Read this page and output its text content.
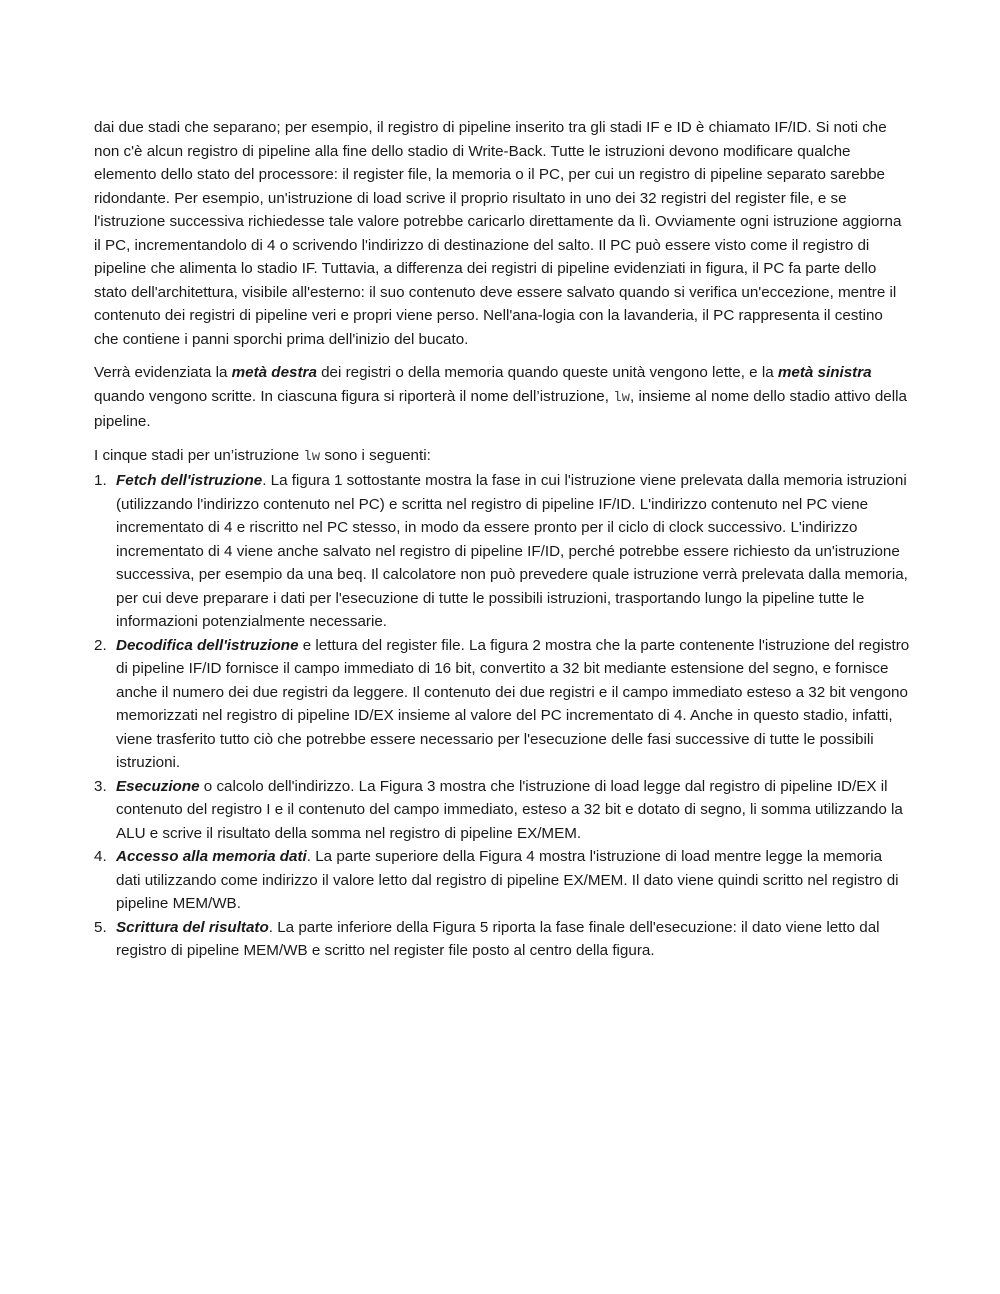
dai due stadi che separano; per esempio, il registro di pipeline inserito tra gli stadi IF e ID è chiamato IF/ID. Si noti che non c'è alcun registro di pipeline alla fine dello stadio di Write-Back. Tutte le istruzioni devono modificare qualche elemento dello stato del processore: il register file, la memoria o il PC, per cui un registro di pipeline separato sarebbe ridondante. Per esempio, un'istruzione di load scrive il proprio risultato in uno dei 32 registri del register file, e se l'istruzione successiva richiedesse tale valore potrebbe caricarlo direttamente da lì. Ovviamente ogni istruzione aggiorna il PC, incrementandolo di 4 o scrivendo l'indirizzo di destinazione del salto. Il PC può essere visto come il registro di pipeline che alimenta lo stadio IF. Tuttavia, a differenza dei registri di pipeline evidenziati in figura, il PC fa parte dello stato dell'architettura, visibile all'esterno: il suo contenuto deve essere salvato quando si verifica un'eccezione, mentre il contenuto dei registri di pipeline veri e propri viene perso. Nell'ana-logia con la lavanderia, il PC rappresenta il cestino che contiene i panni sporchi prima dell'inizio del bucato.

Verrà evidenziata la metà destra dei registri o della memoria quando queste unità vengono lette, e la metà sinistra quando vengono scritte. In ciascuna figura si riporterà il nome dell’istruzione, lw, insieme al nome dello stadio attivo della pipeline.

I cinque stadi per un’istruzione lw sono i seguenti:

1. Fetch dell'istruzione. La figura 1 sottostante mostra la fase in cui l'istruzione viene prelevata dalla memoria istruzioni (utilizzando l'indirizzo contenuto nel PC) e scritta nel registro di pipeline IF/ID. L'indirizzo contenuto nel PC viene incrementato di 4 e riscritto nel PC stesso, in modo da essere pronto per il ciclo di clock successivo. L'indirizzo incrementato di 4 viene anche salvato nel registro di pipeline IF/ID, perché potrebbe essere richiesto da un'istruzione successiva, per esempio da una beq. Il calcolatore non può prevedere quale istruzione verrà prelevata dalla memoria, per cui deve preparare i dati per l'esecuzione di tutte le possibili istruzioni, trasportando lungo la pipeline tutte le informazioni potenzialmente necessarie.
2. Decodifica dell'istruzione e lettura del register file. La figura 2 mostra che la parte contenente l'istruzione del registro di pipeline IF/ID fornisce il campo immediato di 16 bit, convertito a 32 bit mediante estensione del segno, e fornisce anche il numero dei due registri da leggere. Il contenuto dei due registri e il campo immediato esteso a 32 bit vengono memorizzati nel registro di pipeline ID/EX insieme al valore del PC incrementato di 4. Anche in questo stadio, infatti, viene trasferito tutto ciò che potrebbe essere necessario per l'esecuzione delle fasi successive di tutte le possibili istruzioni.
3. Esecuzione o calcolo dell'indirizzo. La Figura 3 mostra che l'istruzione di load legge dal registro di pipeline ID/EX il contenuto del registro I e il contenuto del campo immediato, esteso a 32 bit e dotato di segno, li somma utilizzando la ALU e scrive il risultato della somma nel registro di pipeline EX/MEM.
4. Accesso alla memoria dati. La parte superiore della Figura 4 mostra l'istruzione di load mentre legge la memoria dati utilizzando come indirizzo il valore letto dal registro di pipeline EX/MEM. Il dato viene quindi scritto nel registro di pipeline MEM/WB.
5. Scrittura del risultato. La parte inferiore della Figura 5 riporta la fase finale dell'esecuzione: il dato viene letto dal registro di pipeline MEM/WB e scritto nel register file posto al centro della figura.
